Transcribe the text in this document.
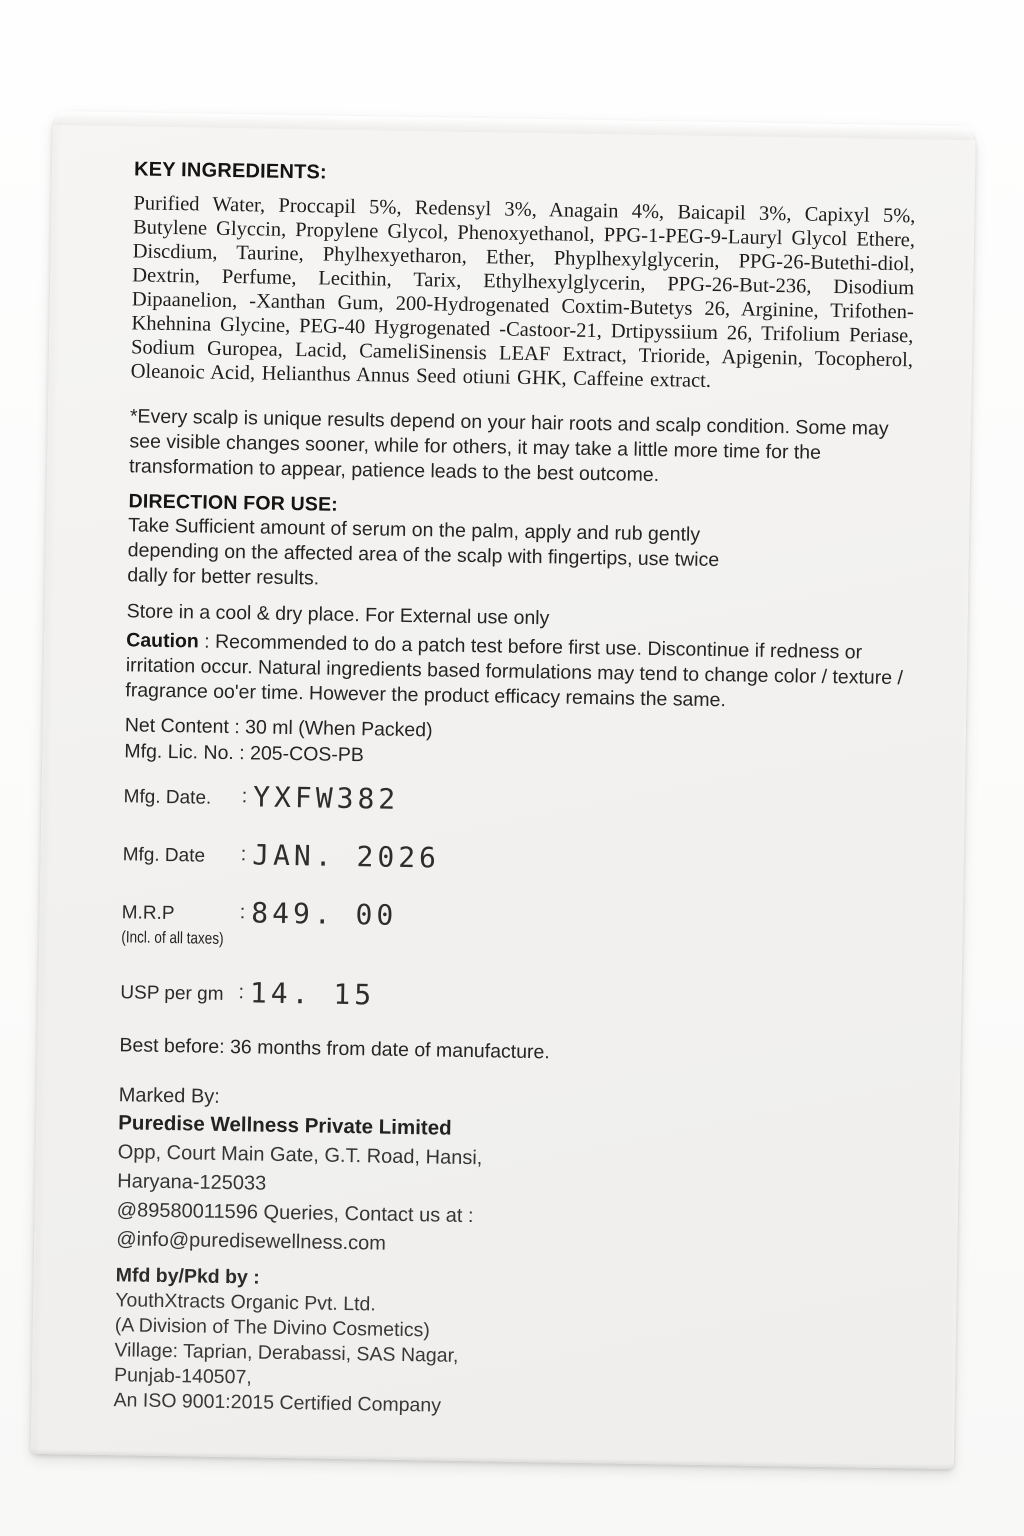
KEY INGREDIENTS:

Purified Water, Proccapil 5%, Redensyl 3%, Anagain 4%, Baicapil 3%, Capixyl 5%, Butylene Glyccin, Propylene Glycol, Phenoxyethanol, PPG-1-PEG-9-Lauryl Glycol Ethere, Discdium, Taurine, Phylhexyetharon, Ether, Phyplhexylglycerin, PPG-26-Butethi-diol, Dextrin, Perfume, Lecithin, Tarix, Ethylhexylglycerin, PPG-26-But-236, Disodium Dipaanelion, -Xanthan Gum, 200-Hydrogenated Coxtim-Butetys 26, Arginine, Trifothen-Khehnina Glycine, PEG-40 Hygrogenated -Castoor-21, Drtipyssiium 26, Trifolium Periase, Sodium Guropea, Lacid, CameliSinensis LEAF Extract, Trioride, Apigenin, Tocopherol, Oleanoic Acid, Helianthus Annus Seed otiuni GHK, Caffeine extract.

*Every scalp is unique results depend on your hair roots and scalp condition. Some may see visible changes sooner, while for others, it may take a little more time for the transformation to appear, patience leads to the best outcome.

DIRECTION FOR USE:

Take Sufficient amount of serum on the palm, apply and rub gently depending on the affected area of the scalp with fingertips, use twice dally for better results.

Store in a cool & dry place. For External use only

Caution : Recommended to do a patch test before first use. Discontinue if redness or irritation occur. Natural ingredients based formulations may tend to change color / texture / fragrance oo'er time. However the product efficacy remains the same.

Net Content : 30 ml (When Packed)

Mfg. Lic. No. : 205-COS-PB

Mfg. Date.	: YXFW382
Mfg. Date	: JAN. 2026
M.R.P
(Incl. of all taxes)
: 849. 00
USP per gm : 14. 15

Best before: 36 months from date of manufacture.

Marked By:
Puredise Wellness Private Limited
Opp, Court Main Gate, G.T. Road, Hansi,
Haryana-125033
@89580011596 Queries, Contact us at :
@info@puredisewellness.com
Mfd by/Pkd by :
YouthXtracts Organic Pvt. Ltd.
(A Division of The Divino Cosmetics)
Village: Taprian, Derabassi, SAS Nagar,
Punjab-140507,
An ISO 9001:2015 Certified Company
